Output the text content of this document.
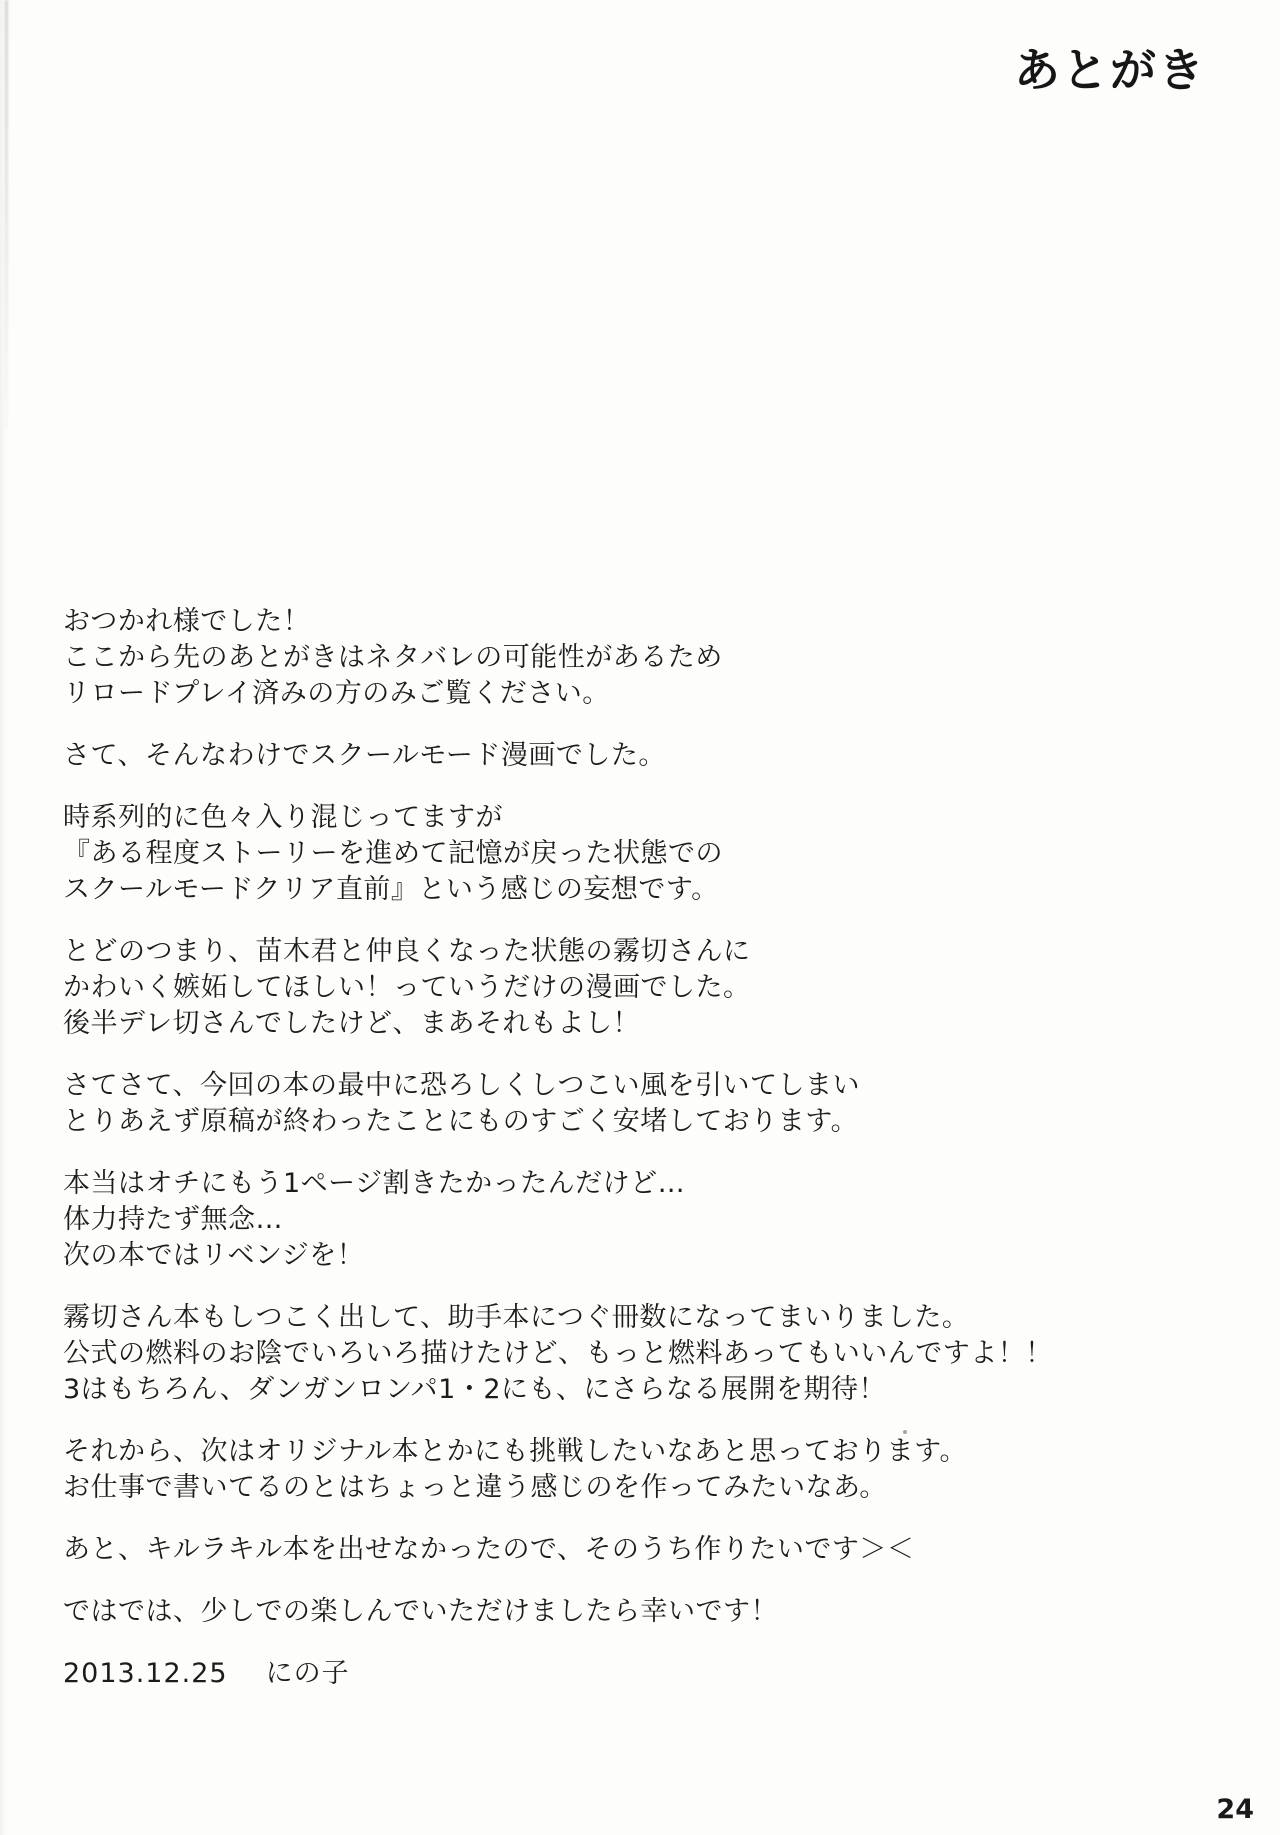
あとがき
おつかれ様でした！
ここから先のあとがきはネタバレの可能性があるため
リロードプレイ済みの方のみご覧ください。
さて、そんなわけでスクールモード漫画でした。
時系列的に色々入り混じってますが
『ある程度ストーリーを進めて記憶が戻った状態での
スクールモードクリア直前』という感じの妄想です。
とどのつまり、苗木君と仲良くなった状態の霧切さんに
かわいく嫉妬してほしい！っていうだけの漫画でした。
後半デレ切さんでしたけど、まあそれもよし！
さてさて、今回の本の最中に恐ろしくしつこい風を引いてしまい
とりあえず原稿が終わったことにものすごく安堵しております。
本当はオチにもう1ページ割きたかったんだけど…
体力持たず無念…
次の本ではリベンジを！
霧切さん本もしつこく出して、助手本につぐ冊数になってまいりました。
公式の燃料のお陰でいろいろ描けたけど、もっと燃料あってもいいんですよ！！
3はもちろん、ダンガンロンパ1・2にも、にさらなる展開を期待！
それから、次はオリジナル本とかにも挑戦したいなあと思っております。
お仕事で書いてるのとはちょっと違う感じのを作ってみたいなあ。
あと、キルラキル本を出せなかったので、そのうち作りたいです＞＜
ではでは、少しでの楽しんでいただけましたら幸いです！
2013.12.25 にの子
24
